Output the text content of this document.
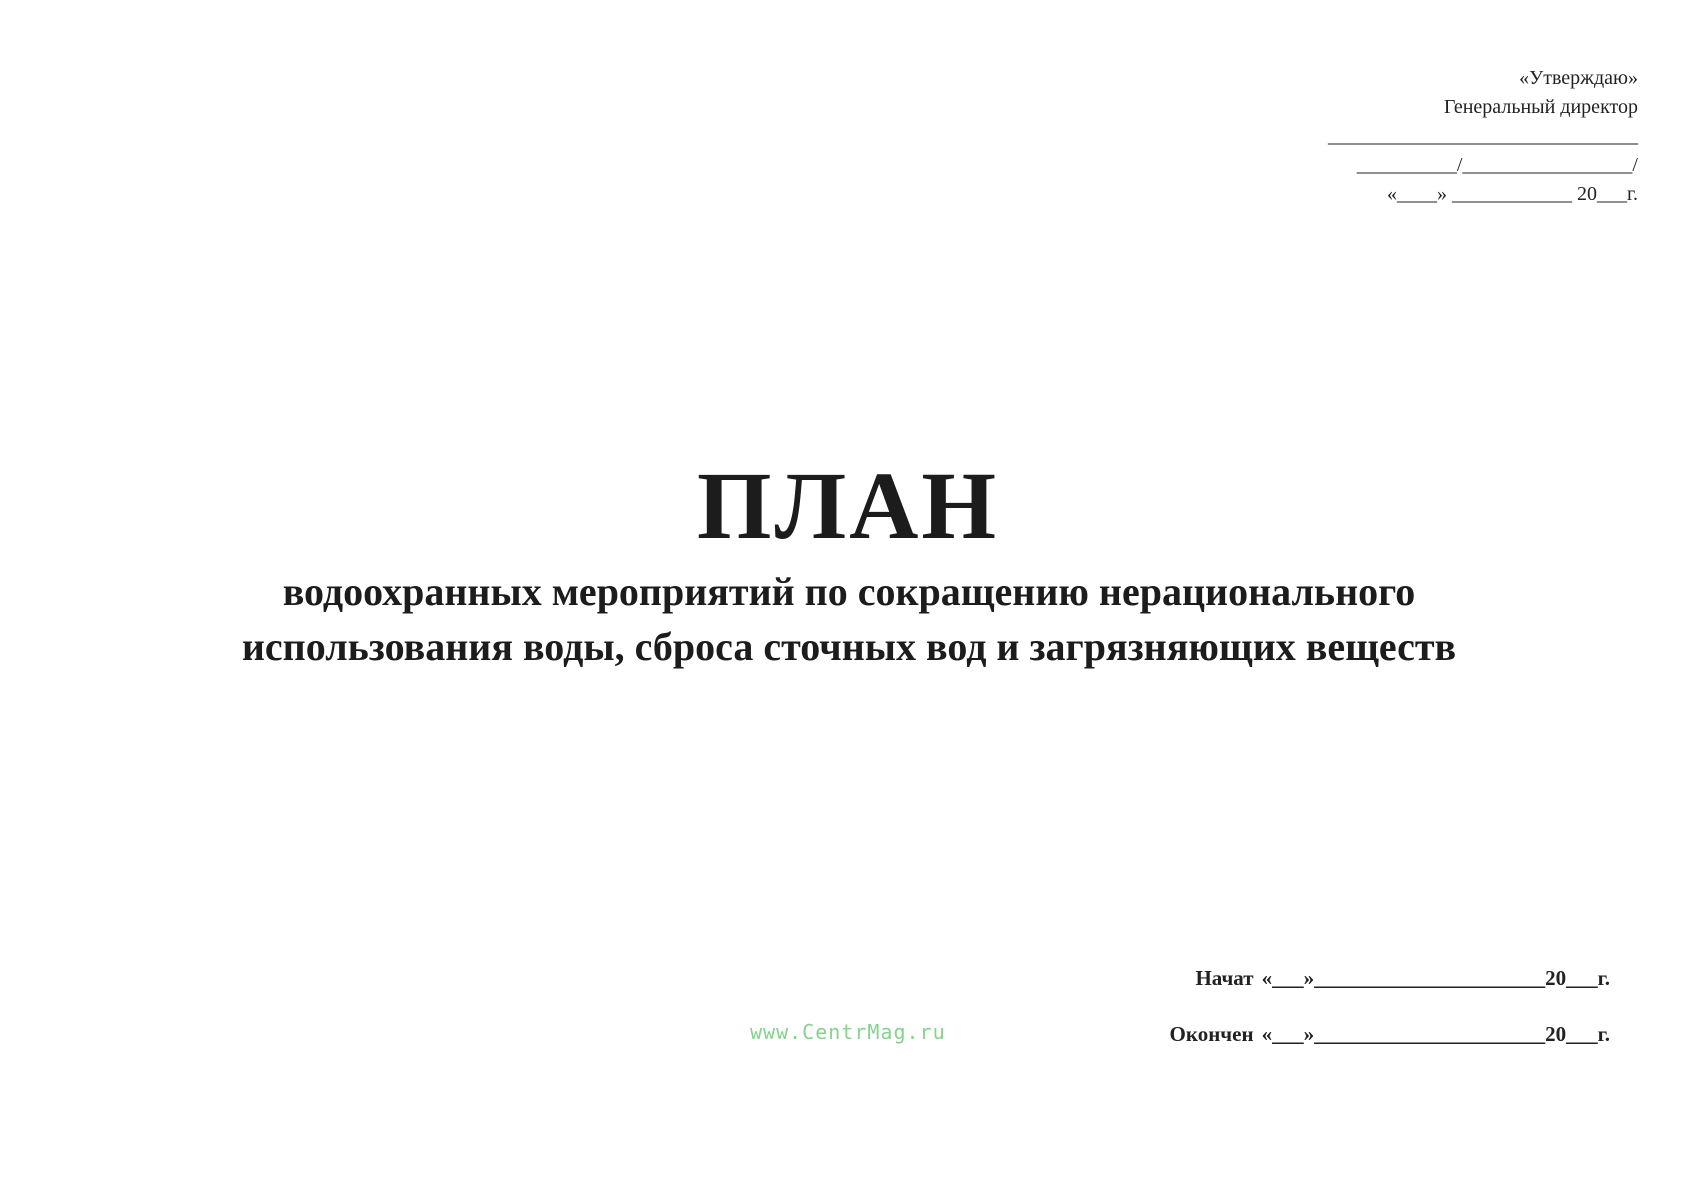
«Утверждаю»
Генеральный директор
_______________________________
__________/_________________/
«____» ____________ 20___г.
ПЛАН
водоохранных мероприятий по сокращению нерационального
использования воды, сброса сточных вод и загрязняющих веществ
www.CentrMag.ru
Начат «___»______________________20___г.
Окончен «___»______________________20___г.
